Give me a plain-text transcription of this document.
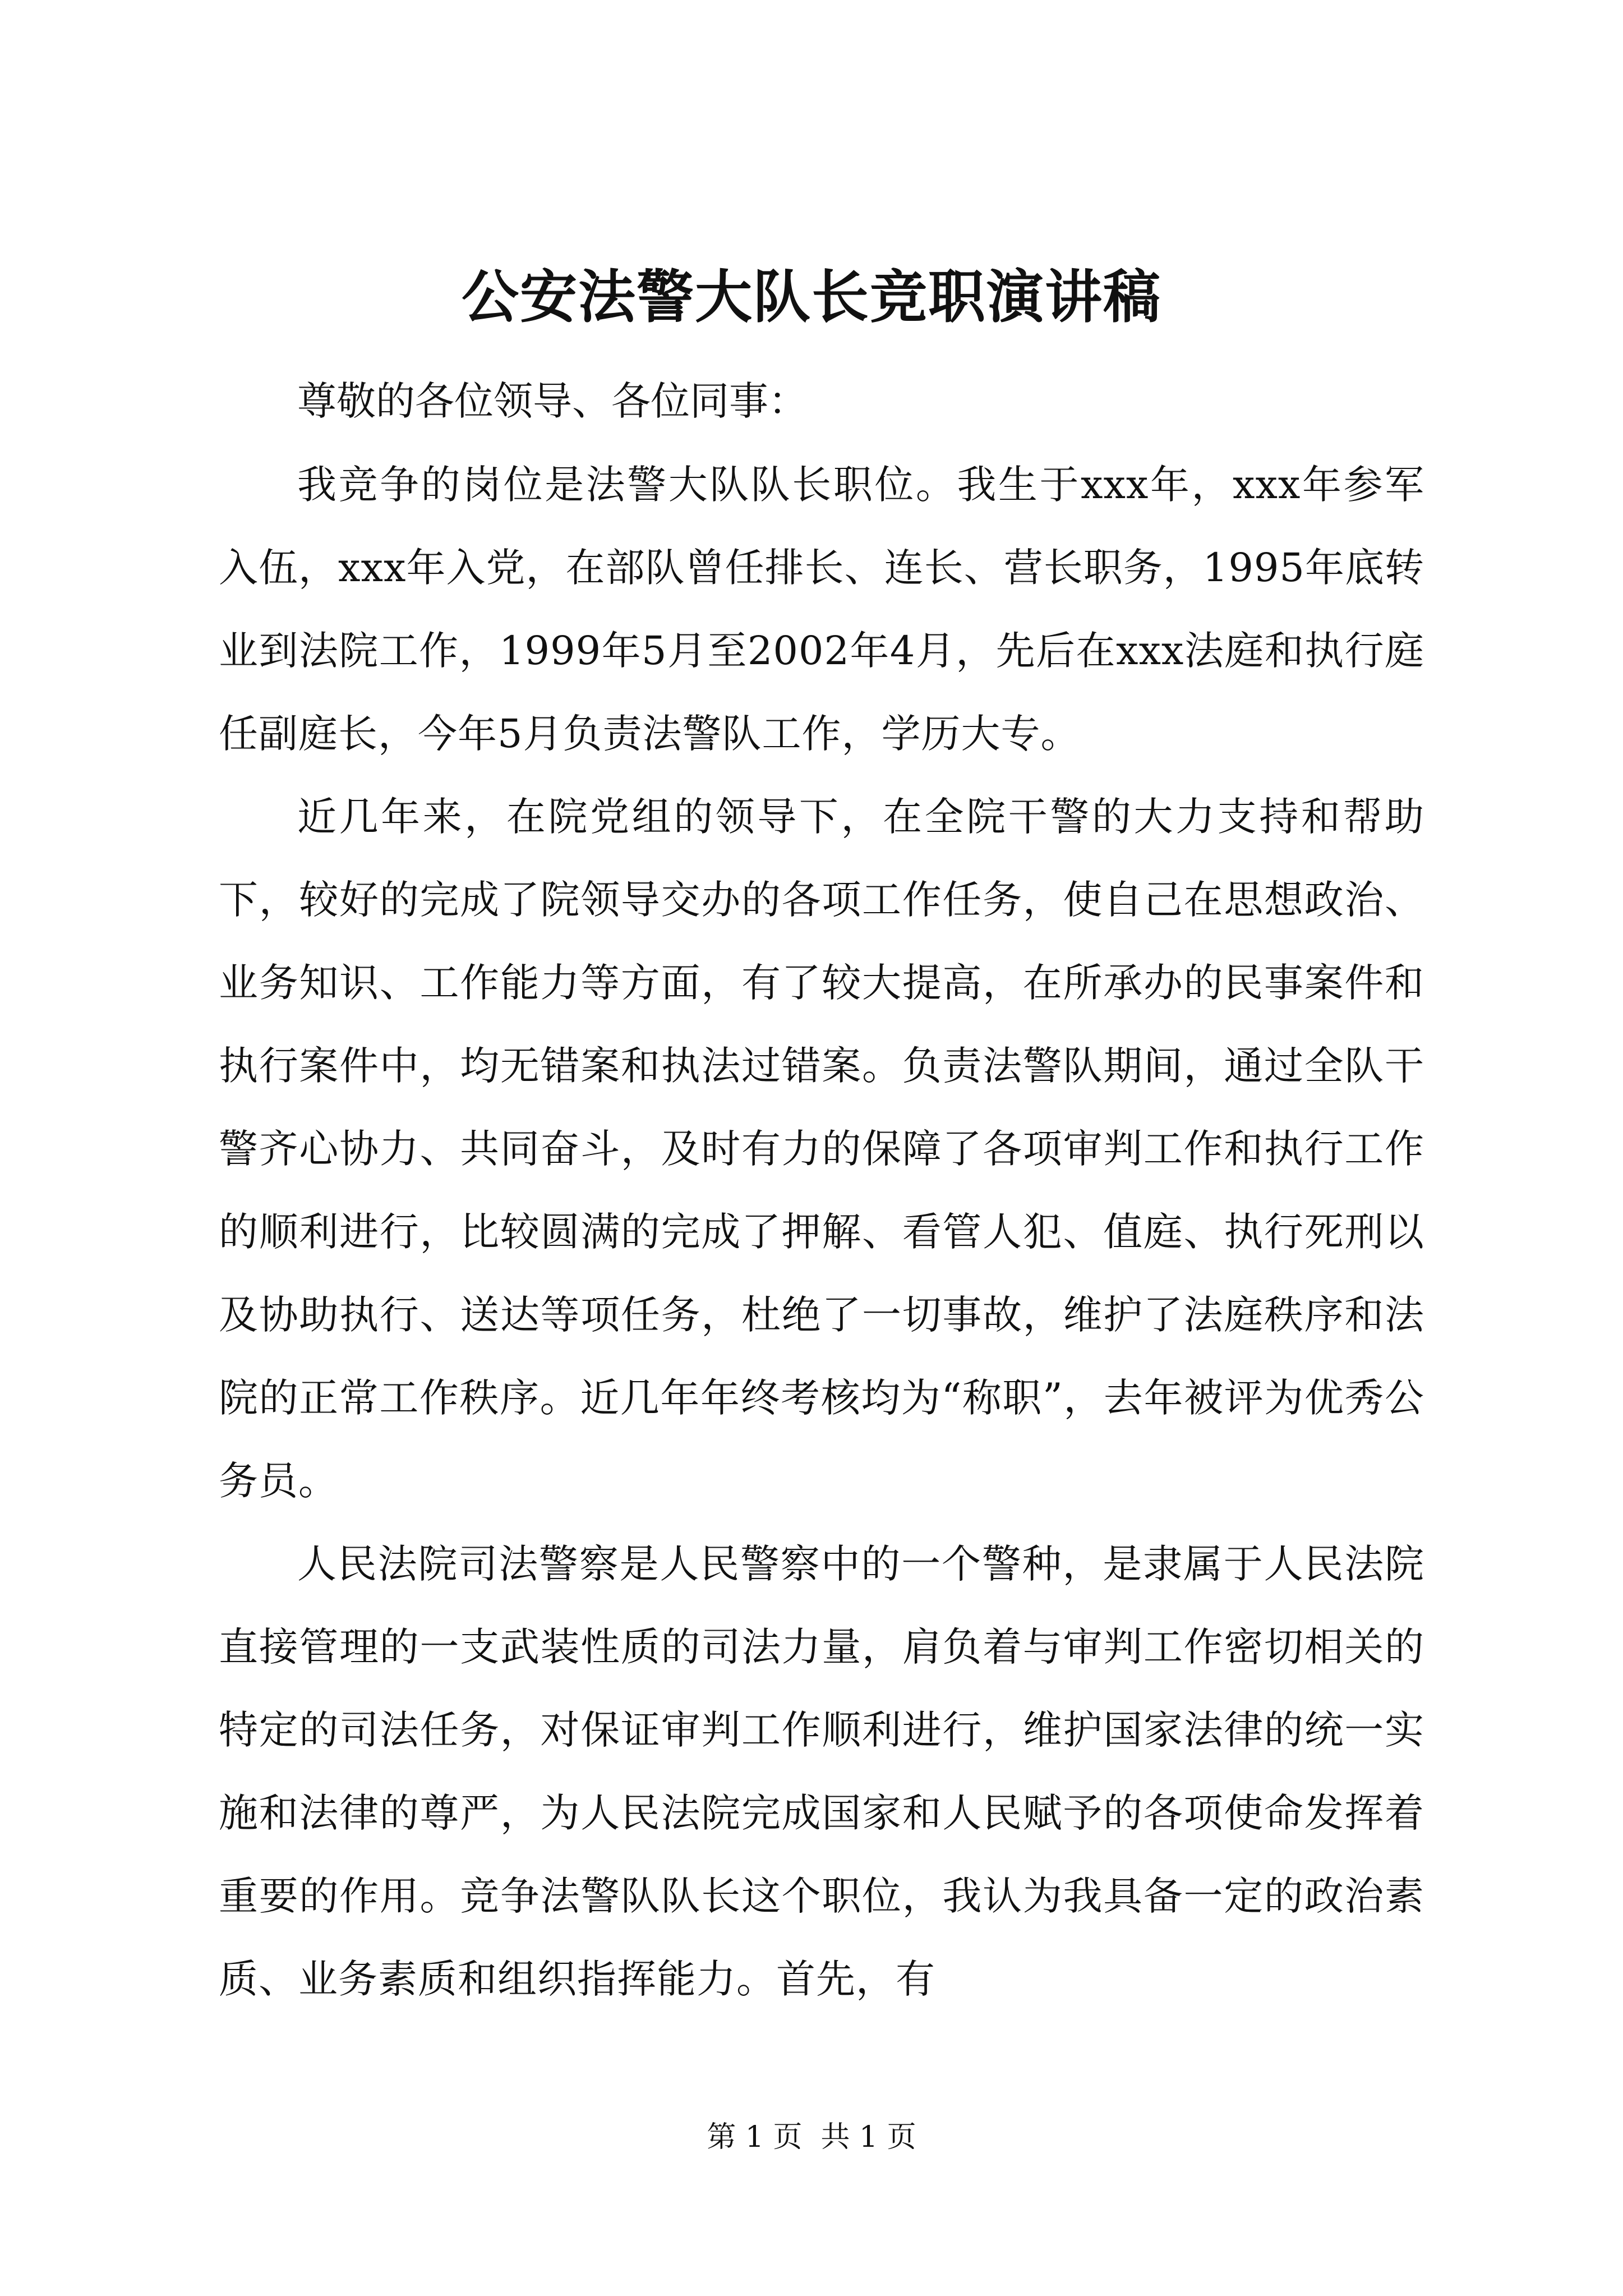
公安法警大队长竞职演讲稿

尊敬的各位领导、各位同事：

我竞争的岗位是法警大队队长职位。我生于xxx年，xxx年参军入伍，xxx年入党，在部队曾任排长、连长、营长职务，1995年底转业到法院工作，1999年5月至2002年4月，先后在xxx法庭和执行庭任副庭长，今年5月负责法警队工作，学历大专。

近几年来，在院党组的领导下，在全院干警的大力支持和帮助下，较好的完成了院领导交办的各项工作任务，使自己在思想政治、业务知识、工作能力等方面，有了较大提高，在所承办的民事案件和执行案件中，均无错案和执法过错案。负责法警队期间，通过全队干警齐心协力、共同奋斗，及时有力的保障了各项审判工作和执行工作的顺利进行，比较圆满的完成了押解、看管人犯、值庭、执行死刑以及协助执行、送达等项任务，杜绝了一切事故，维护了法庭秩序和法院的正常工作秩序。近几年年终考核均为“称职”，去年被评为优秀公务员。

人民法院司法警察是人民警察中的一个警种，是隶属于人民法院直接管理的一支武装性质的司法力量，肩负着与审判工作密切相关的特定的司法任务，对保证审判工作顺利进行，维护国家法律的统一实施和法律的尊严，为人民法院完成国家和人民赋予的各项使命发挥着重要的作用。竞争法警队队长这个职位，我认为我具备一定的政治素质、业务素质和组织指挥能力。首先，有

第 1 页  共 1 页
